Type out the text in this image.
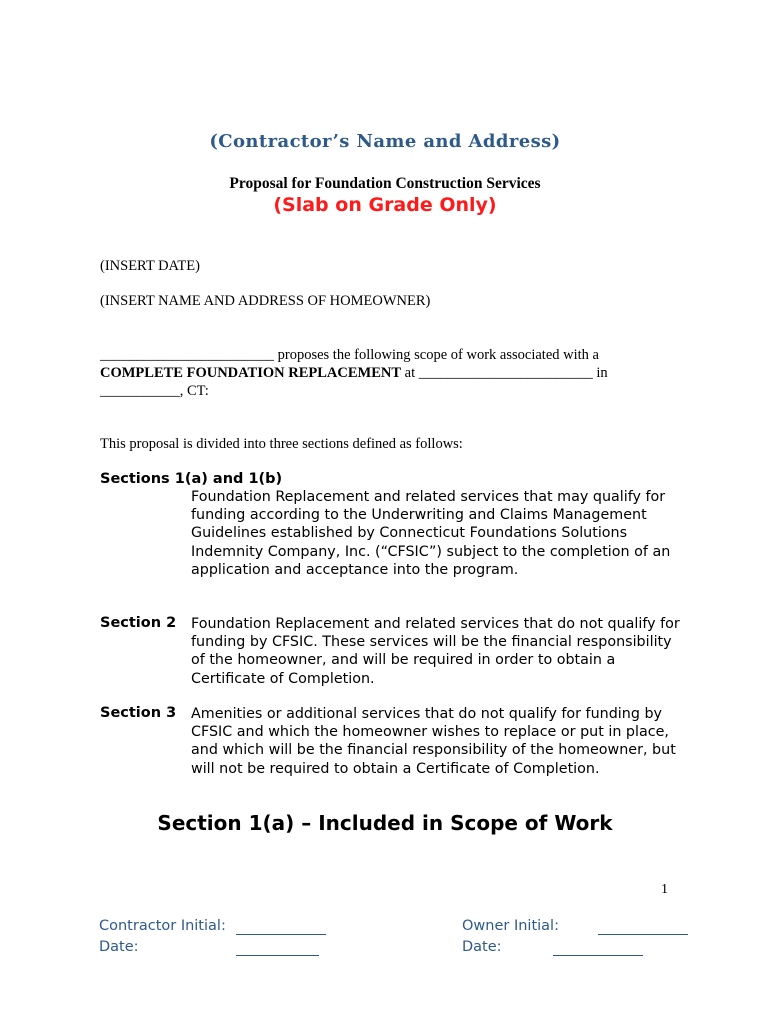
(Contractor’s Name and Address)
Proposal for Foundation Construction Services
(Slab on Grade Only)
(INSERT DATE)
(INSERT NAME AND ADDRESS OF HOMEOWNER)
________________________ proposes the following scope of work associated with a
COMPLETE FOUNDATION REPLACEMENT at ________________________ in
___________, CT:
This proposal is divided into three sections defined as follows:
Sections 1(a) and 1(b)
Foundation Replacement and related services that may qualify for funding according to the Underwriting and Claims Management Guidelines established by Connecticut Foundations Solutions Indemnity Company, Inc. (“CFSIC”) subject to the completion of an application and acceptance into the program.
Section 2 Foundation Replacement and related services that do not qualify for funding by CFSIC. These services will be the financial responsibility of the homeowner, and will be required in order to obtain a Certificate of Completion.
Section 3 Amenities or additional services that do not qualify for funding by CFSIC and which the homeowner wishes to replace or put in place, and which will be the financial responsibility of the homeowner, but will not be required to obtain a Certificate of Completion.
Section 1(a) – Included in Scope of Work
1
Contractor Initial:
Date:
Owner Initial:
Date:
